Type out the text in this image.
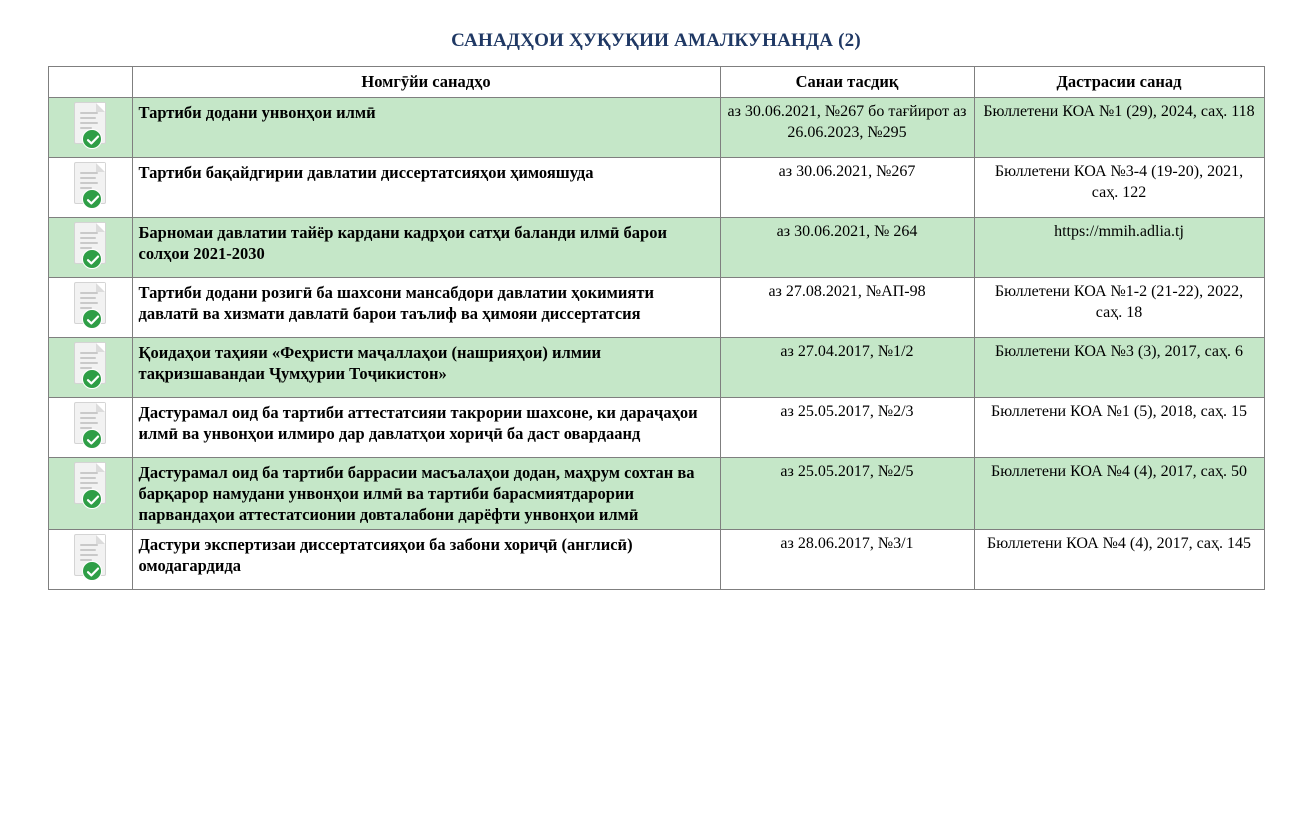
САНАДҲОИ ҲУҚУҚИИ АМАЛКУНАНДА (2)
	Номгӯйи санадҳо	Санаи тасдиқ	Дастрасии санад

	Тартиби додани унвонҳои илмӣ	аз 30.06.2021, №267 бо тағйирот аз 26.06.2023, №295	Бюллетени КОА №1 (29), 2024, саҳ. 118

	Тартиби бақайдгирии давлатии диссертатсияҳои ҳимояшуда	аз 30.06.2021, №267	Бюллетени КОА №3-4 (19-20), 2021, саҳ. 122

	Барномаи давлатии тайёр кардани кадрҳои сатҳи баланди илмӣ барои солҳои 2021-2030	аз 30.06.2021, № 264	https://mmih.adlia.tj

	Тартиби додани розигӣ ба шахсони мансабдори давлатии ҳокимияти давлатӣ ва хизмати давлатӣ барои таълиф ва ҳимояи диссертатсия	аз 27.08.2021, №АП-98	Бюллетени КОА №1-2 (21-22), 2022, саҳ. 18

	Қоидаҳои таҳияи «Феҳристи маҷаллаҳои (нашрияҳои) илмии тақризшавандаи Ҷумҳурии Тоҷикистон»	аз 27.04.2017, №1/2	Бюллетени КОА №3 (3), 2017, саҳ. 6

	Дастурамал оид ба тартиби аттестатсияи такрории шахсоне, ки дараҷаҳои илмӣ ва унвонҳои илмиро дар давлатҳои хориҷӣ ба даст овардаанд	аз 25.05.2017, №2/3	Бюллетени КОА №1 (5), 2018, саҳ. 15

	Дастурамал оид ба тартиби баррасии масъалаҳои додан, маҳрум сохтан ва барқарор намудани унвонҳои илмӣ ва тартиби барасмиятдарории парвандаҳои аттестатсионии довталабони дарёфти унвонҳои илмӣ	аз 25.05.2017, №2/5	Бюллетени КОА №4 (4), 2017, саҳ. 50

	Дастури экспертизаи диссертатсияҳои ба забони хориҷӣ (англисӣ) омодагардида	аз 28.06.2017, №3/1	Бюллетени КОА №4 (4), 2017, саҳ. 145
